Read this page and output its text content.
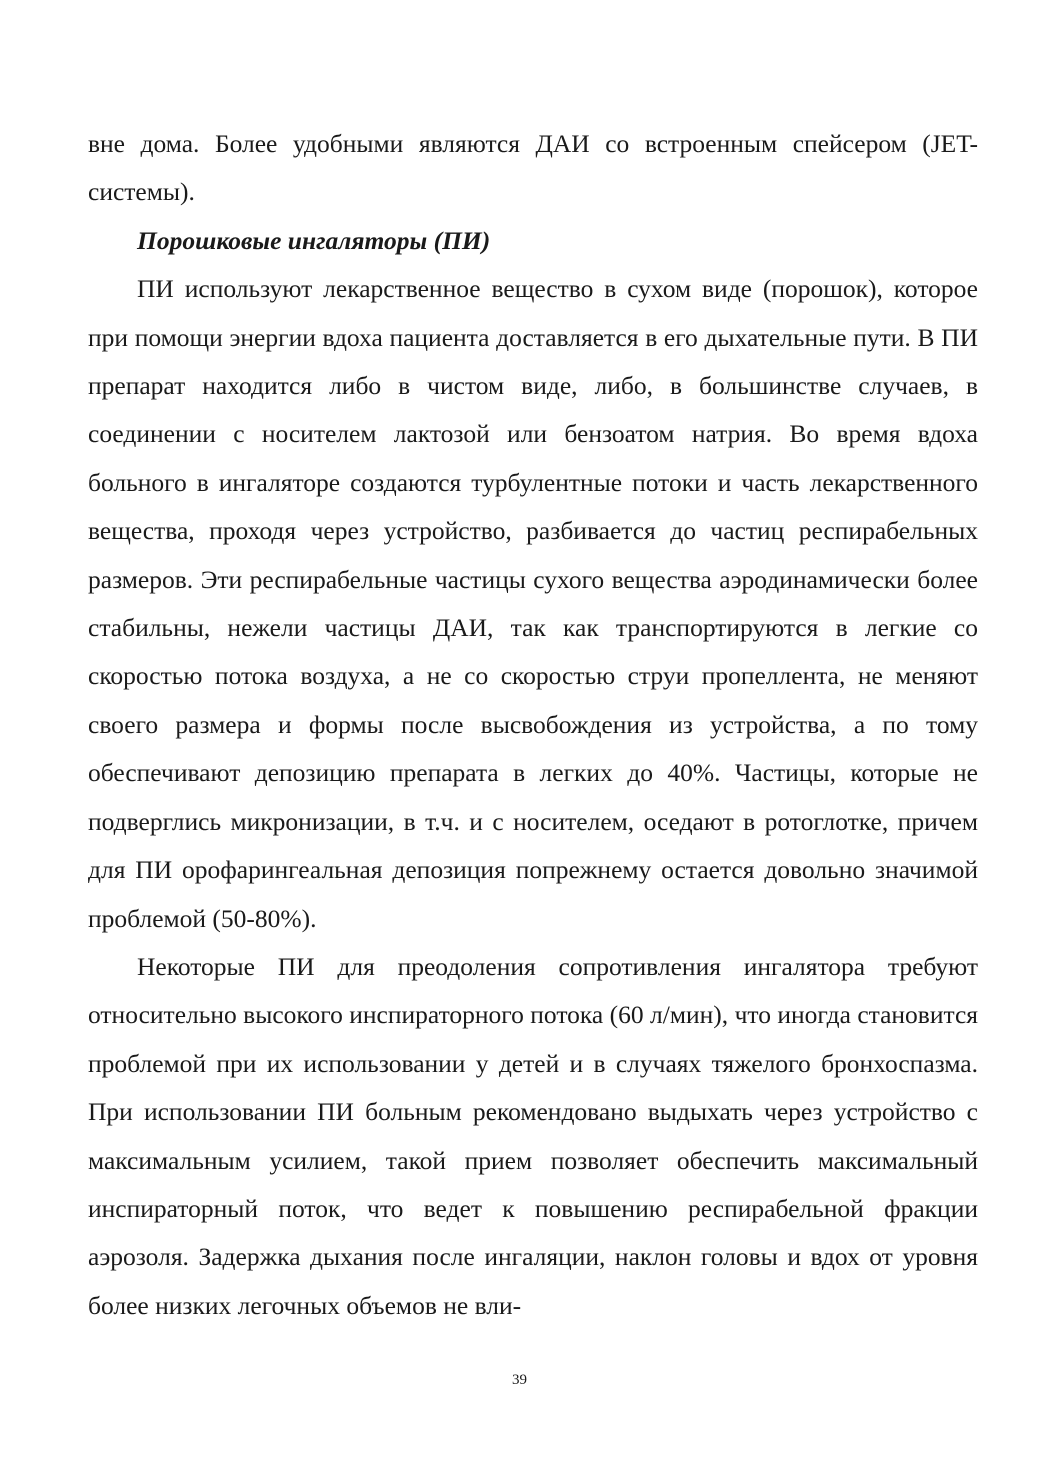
вне дома. Более удобными являются ДАИ со встроенным спейсером (JET-системы).

Порошковые ингаляторы (ПИ)

ПИ используют лекарственное вещество в сухом виде (порошок), которое при помощи энергии вдоха пациента доставляется в его дыхательные пути. В ПИ препарат находится либо в чистом виде, либо, в большинстве случаев, в соединении с носителем лактозой или бензоатом натрия. Во время вдоха больного в ингаляторе создаются турбулентные потоки и часть лекарственного вещества, проходя через устройство, разбивается до частиц респирабельных размеров. Эти респирабельные частицы сухого вещества аэродинамически более стабильны, нежели частицы ДАИ, так как транспортируются в легкие со скоростью потока воздуха, а не со скоростью струи пропеллента, не меняют своего размера и формы после высвобождения из устройства, а по тому обеспечивают депозицию препарата в легких до 40%. Частицы, которые не подверглись микронизации, в т.ч. и с носителем, оседают в ротоглотке, причем для ПИ орофарингеальная депозиция попрежнему остается довольно значимой проблемой (50-80%).

Некоторые ПИ для преодоления сопротивления ингалятора требуют относительно высокого инспираторного потока (60 л/мин), что иногда становится проблемой при их использовании у детей и в случаях тяжелого бронхоспазма. При использовании ПИ больным рекомендовано выдыхать через устройство с максимальным усилием, такой прием позволяет обеспечить максимальный инспираторный поток, что ведет к повышению респирабельной фракции аэрозоля. Задержка дыхания после ингаляции, наклон головы и вдох от уровня более низких легочных объемов не вли-

39
